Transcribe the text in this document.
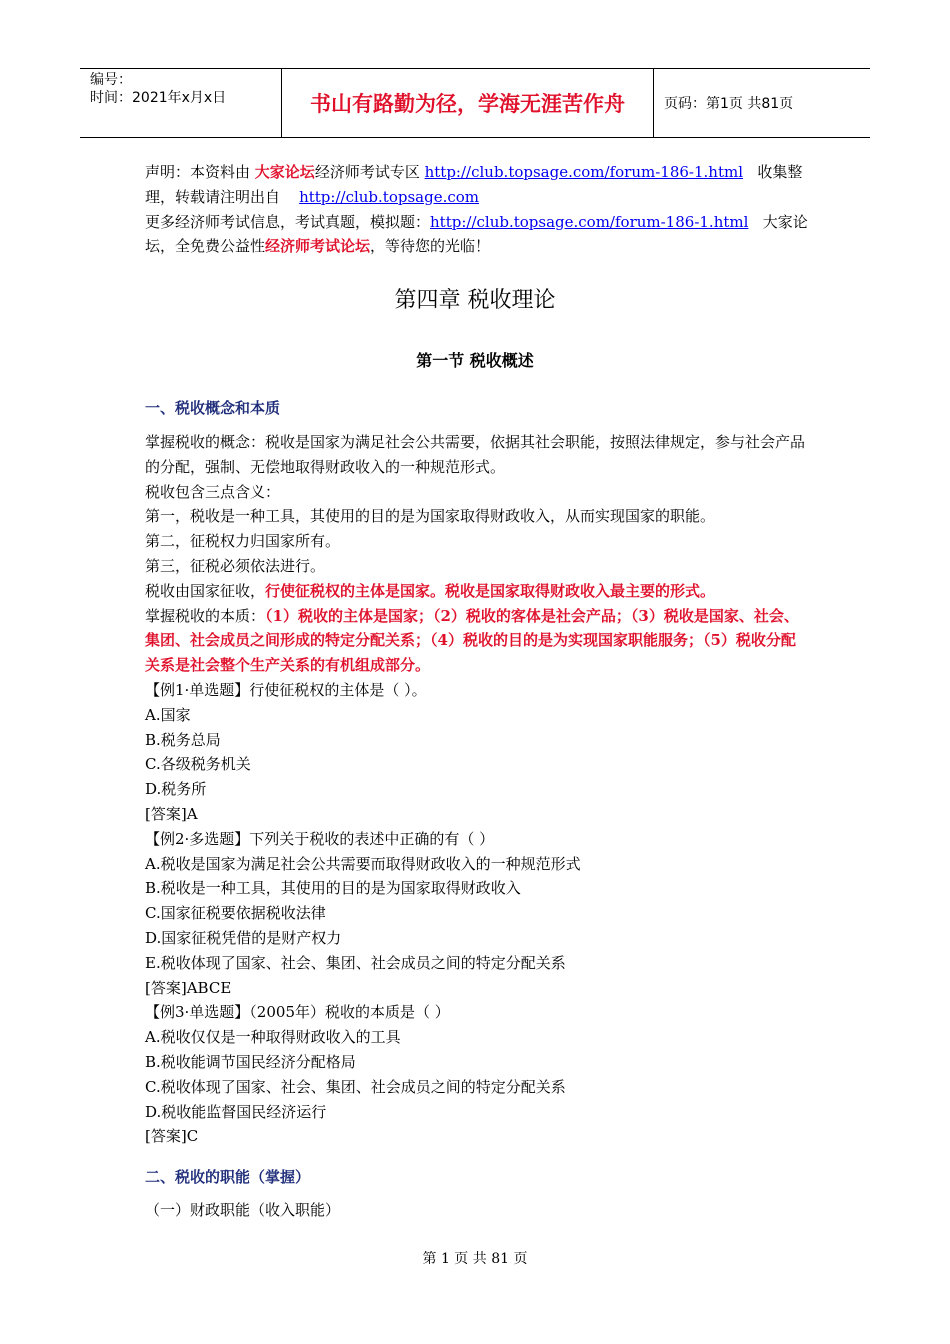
编号：
时间：2021年x月x日	书山有路勤为径，学海无涯苦作舟	页码：第1页 共81页
声明：本资料由 大家论坛经济师考试专区 http://club.topsage.com/forum-186-1.html 收集整理，转载请注明出自 http://club.topsage.com
更多经济师考试信息，考试真题，模拟题：http://club.topsage.com/forum-186-1.html 大家论坛，全免费公益性经济师考试论坛，等待您的光临！
第四章 税收理论
第一节 税收概述
一、税收概念和本质
掌握税收的概念：税收是国家为满足社会公共需要，依据其社会职能，按照法律规定，参与社会产品的分配，强制、无偿地取得财政收入的一种规范形式。
税收包含三点含义：
第一，税收是一种工具，其使用的目的是为国家取得财政收入，从而实现国家的职能。
第二，征税权力归国家所有。
第三，征税必须依法进行。
税收由国家征收，行使征税权的主体是国家。税收是国家取得财政收入最主要的形式。
掌握税收的本质：（1）税收的主体是国家；（2）税收的客体是社会产品；（3）税收是国家、社会、集团、社会成员之间形成的特定分配关系；（4）税收的目的是为实现国家职能服务；（5）税收分配关系是社会整个生产关系的有机组成部分。
【例1·单选题】行使征税权的主体是（ ）。
A.国家
B.税务总局
C.各级税务机关
D.税务所
[答案]A
【例2·多选题】下列关于税收的表述中正确的有（ ）
A.税收是国家为满足社会公共需要而取得财政收入的一种规范形式
B.税收是一种工具，其使用的目的是为国家取得财政收入
C.国家征税要依据税收法律
D.国家征税凭借的是财产权力
E.税收体现了国家、社会、集团、社会成员之间的特定分配关系
[答案]ABCE
【例3·单选题】（2005年）税收的本质是（ ）
A.税收仅仅是一种取得财政收入的工具
B.税收能调节国民经济分配格局
C.税收体现了国家、社会、集团、社会成员之间的特定分配关系
D.税收能监督国民经济运行
[答案]C
二、税收的职能（掌握）
（一）财政职能（收入职能）
第 1 页 共 81 页
